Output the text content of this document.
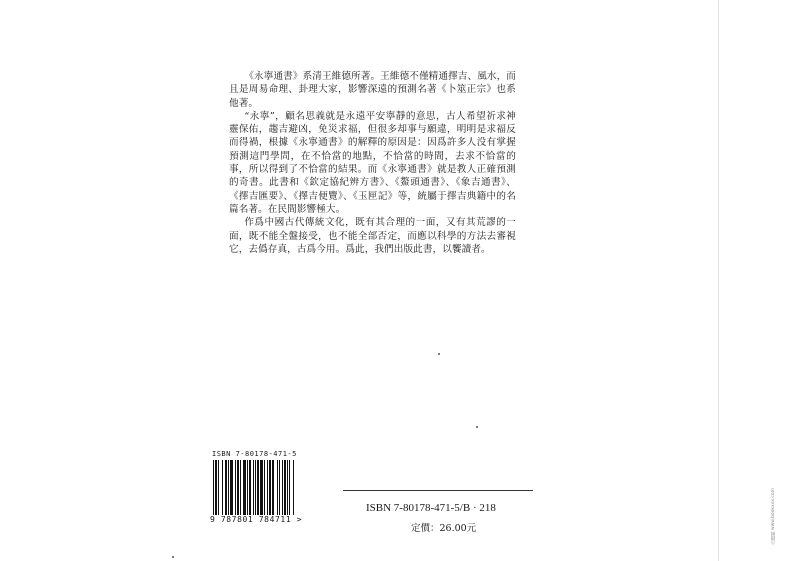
《永寧通書》系清王維德所著。王維德不僅精通擇吉、風水，而且是周易命理、卦理大家，影響深遠的預測名著《卜筮正宗》也系他著。

“永寧”，顧名思義就是永遠平安寧靜的意思，古人希望祈求神靈保佑，趨吉避凶，免災求福，但很多却事与願違，明明是求福反而得禍，根據《永寧通書》的解釋的原因是：因爲許多人没有掌握預測這門學問，在不恰當的地點，不恰當的時間，去求不恰當的事，所以得到了不恰當的結果。而《永寧通書》就是教人正確預測的奇書。此書和《欽定協紀辨方書》、《鰲頭通書》、《象吉通書》、《擇吉匯要》、《擇吉便覽》、《玉匣記》等，統屬于擇吉典籍中的名篇名著。在民間影響極大。

作爲中國古代傳統文化，既有其合理的一面，又有其荒謬的一面，既不能全盤接受，也不能全部否定，而應以科學的方法去審視它，去僞存真，古爲今用。爲此，我們出版此書，以饗讀者。

ISBN 7-80178-471-5
9 787801 784711 >
ISBN 7-80178-471-5/B · 218
定價：26.00元	古籍網 www.bookxxx.com
